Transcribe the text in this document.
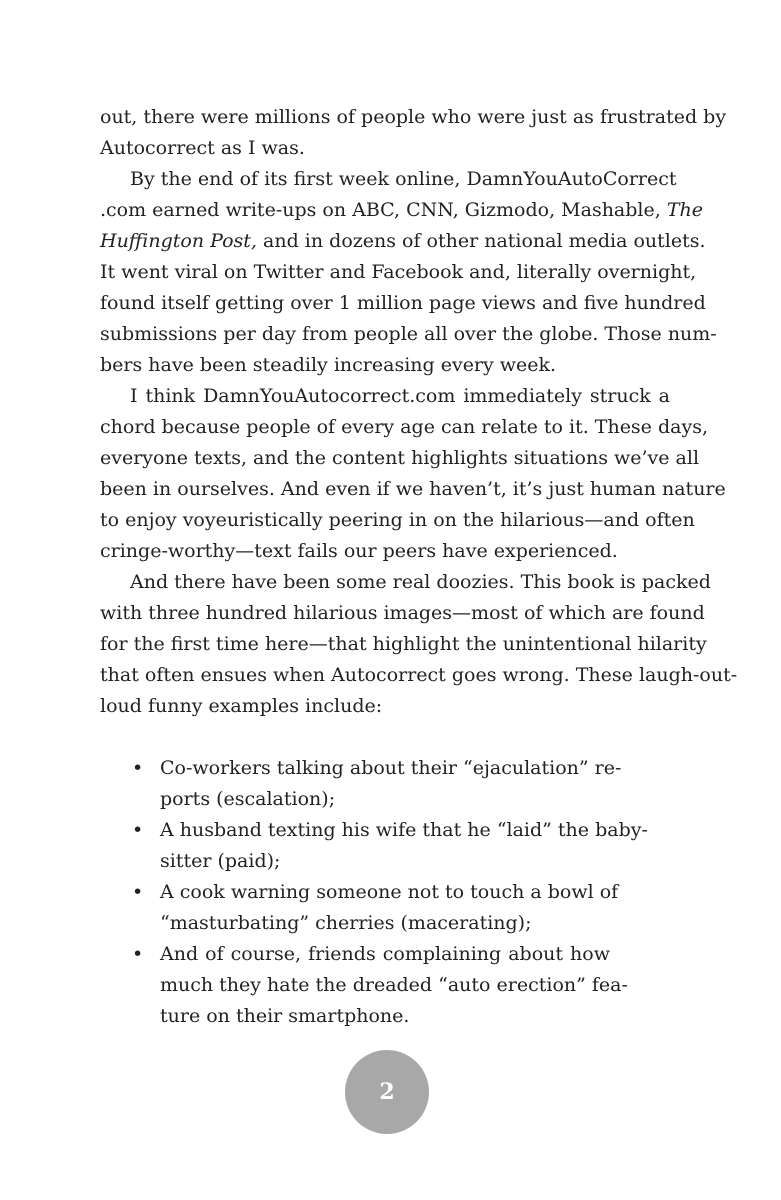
out, there were millions of people who were just as frustrated by
Autocorrect as I was.
By the end of its first week online, DamnYouAutoCorrect
.com earned write-ups on ABC, CNN, Gizmodo, Mashable, The
Huffington Post, and in dozens of other national media outlets.
It went viral on Twitter and Facebook and, literally overnight,
found itself getting over 1 million page views and five hundred
submissions per day from people all over the globe. Those num-
bers have been steadily increasing every week.
I think DamnYouAutocorrect.com immediately struck a
chord because people of every age can relate to it. These days,
everyone texts, and the content highlights situations we’ve all
been in ourselves. And even if we haven’t, it’s just human nature
to enjoy voyeuristically peering in on the hilarious—and often
cringe-worthy—text fails our peers have experienced.
And there have been some real doozies. This book is packed
with three hundred hilarious images—most of which are found
for the first time here—that highlight the unintentional hilarity
that often ensues when Autocorrect goes wrong. These laugh-out-
loud funny examples include:
• Co-workers talking about their “ejaculation” re-
ports (escalation);
• A husband texting his wife that he “laid” the baby-
sitter (paid);
• A cook warning someone not to touch a bowl of
“masturbating” cherries (macerating);
• And of course, friends complaining about how
much they hate the dreaded “auto erection” fea-
ture on their smartphone.
2
